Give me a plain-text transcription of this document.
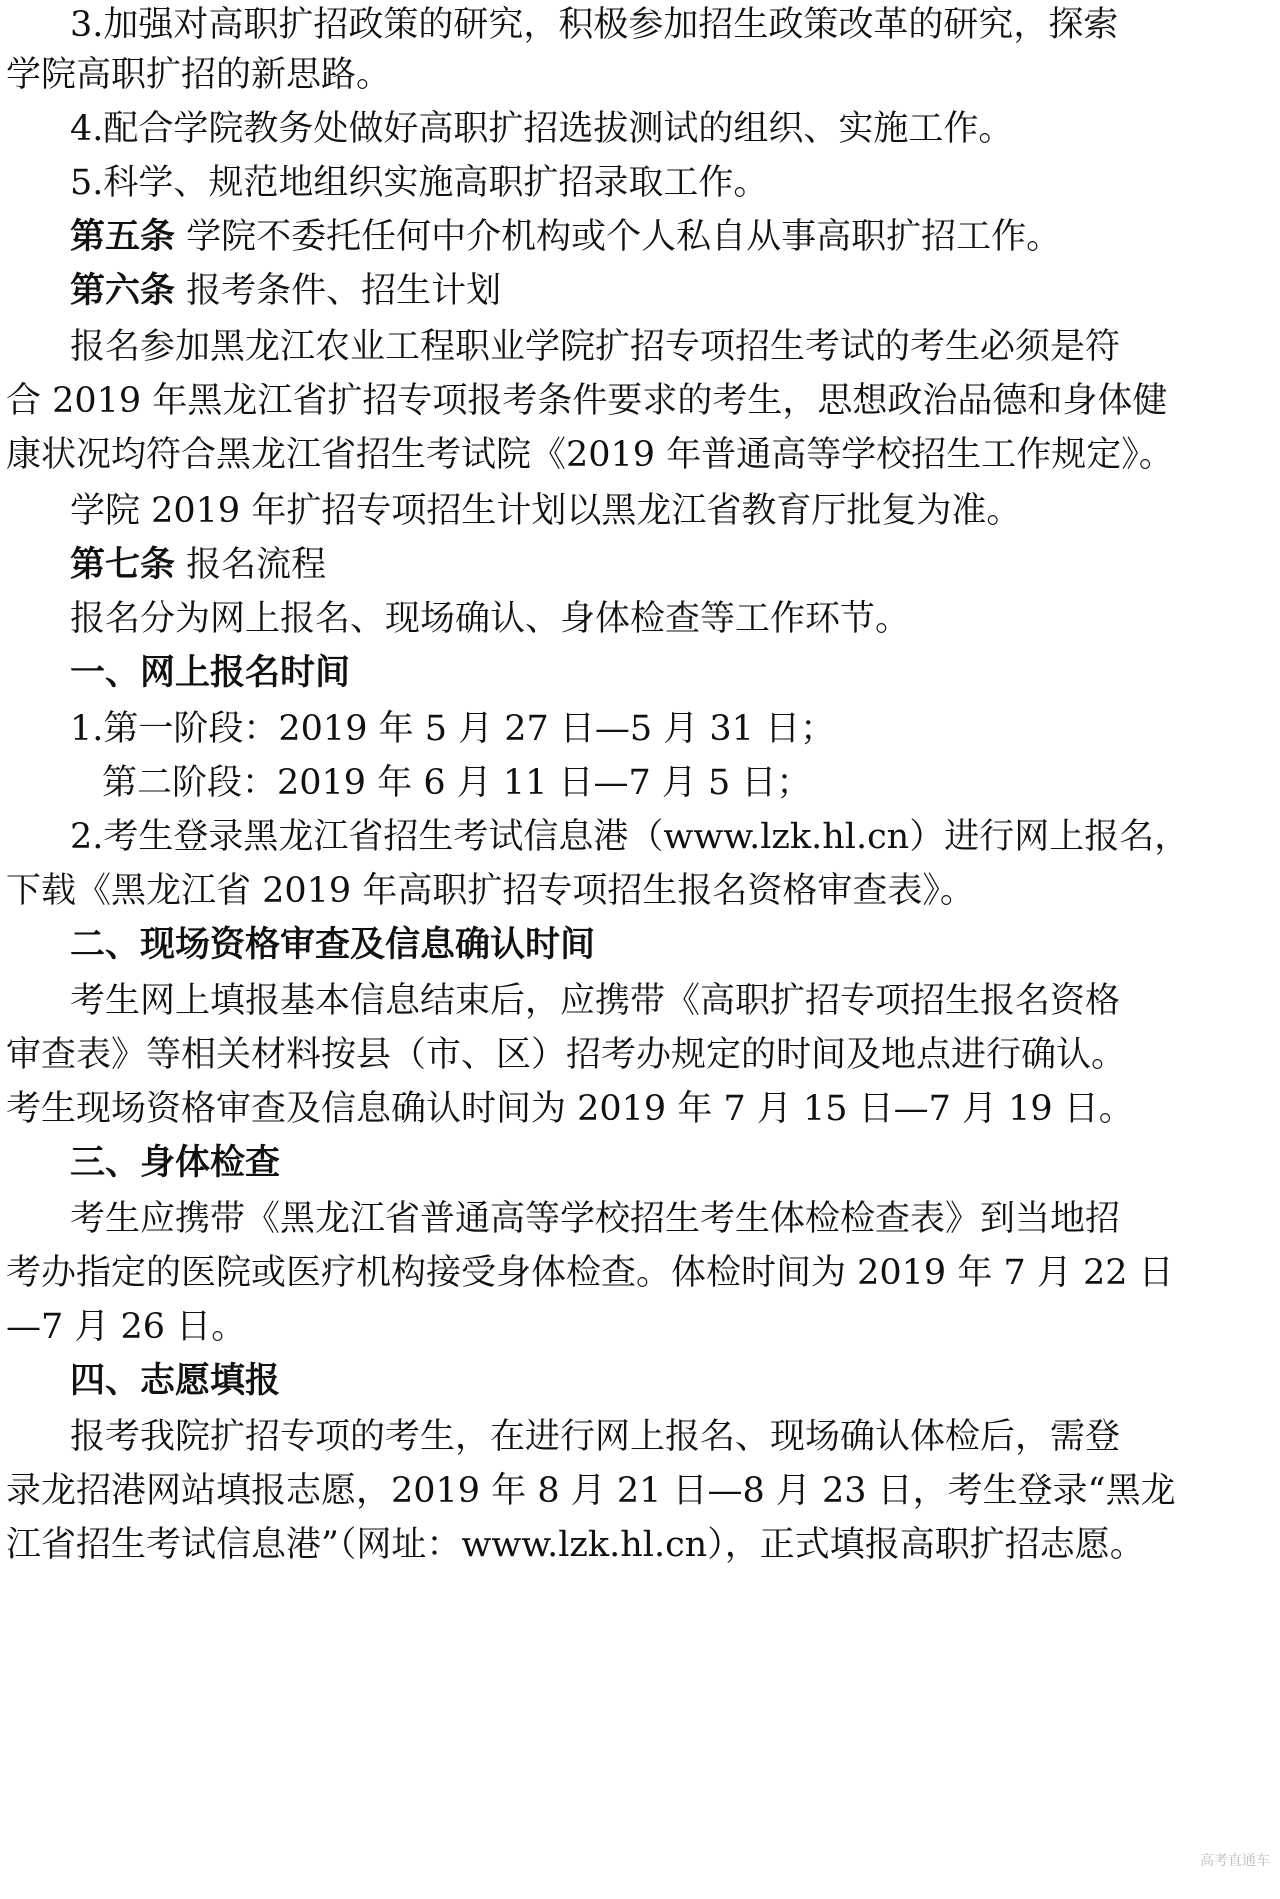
3.加强对高职扩招政策的研究，积极参加招生政策改革的研究，探索
学院高职扩招的新思路。
4.配合学院教务处做好高职扩招选拔测试的组织、实施工作。
5.科学、规范地组织实施高职扩招录取工作。
第五条 学院不委托任何中介机构或个人私自从事高职扩招工作。
第六条 报考条件、招生计划
报名参加黑龙江农业工程职业学院扩招专项招生考试的考生必须是符
合 2019 年黑龙江省扩招专项报考条件要求的考生，思想政治品德和身体健
康状况均符合黑龙江省招生考试院《2019 年普通高等学校招生工作规定》。
学院 2019 年扩招专项招生计划以黑龙江省教育厅批复为准。
第七条 报名流程
报名分为网上报名、现场确认、身体检查等工作环节。
一、网上报名时间
1.第一阶段：2019 年 5 月 27 日—5 月 31 日；
第二阶段：2019 年 6 月 11 日—7 月 5 日；
2.考生登录黑龙江省招生考试信息港（www.lzk.hl.cn）进行网上报名，
下载《黑龙江省 2019 年高职扩招专项招生报名资格审查表》。
二、现场资格审查及信息确认时间
考生网上填报基本信息结束后，应携带《高职扩招专项招生报名资格
审查表》等相关材料按县（市、区）招考办规定的时间及地点进行确认。
考生现场资格审查及信息确认时间为 2019 年 7 月 15 日—7 月 19 日。
三、身体检查
考生应携带《黑龙江省普通高等学校招生考生体检检查表》到当地招
考办指定的医院或医疗机构接受身体检查。体检时间为 2019 年 7 月 22 日
—7 月 26 日。
四、志愿填报
报考我院扩招专项的考生，在进行网上报名、现场确认体检后，需登
录龙招港网站填报志愿，2019 年 8 月 21 日—8 月 23 日，考生登录“黑龙
江省招生考试信息港”（网址：www.lzk.hl.cn），正式填报高职扩招志愿。
高考直通车
